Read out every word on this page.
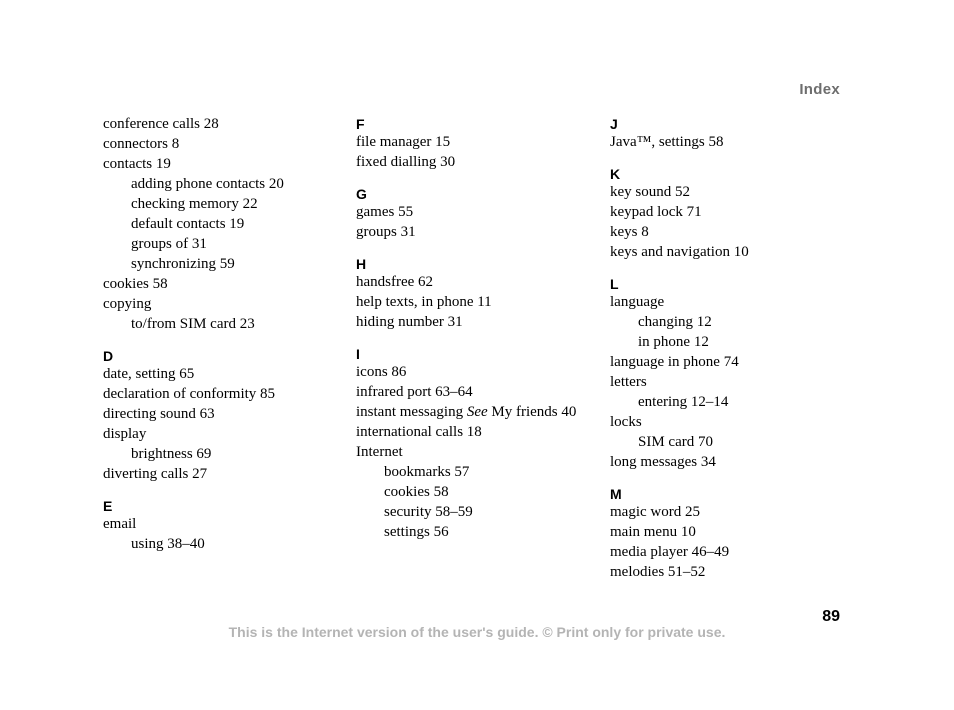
Index
conference calls 28
connectors 8
contacts 19
adding phone contacts 20
checking memory 22
default contacts 19
groups of 31
synchronizing 59
cookies 58
copying
to/from SIM card 23
D
date, setting 65
declaration of conformity 85
directing sound 63
display
brightness 69
diverting calls 27
E
email
using 38–40
F
file manager 15
fixed dialling 30
G
games 55
groups 31
H
handsfree 62
help texts, in phone 11
hiding number 31
I
icons 86
infrared port 63–64
instant messaging See My friends 40
international calls 18
Internet
bookmarks 57
cookies 58
security 58–59
settings 56
J
Java™, settings 58
K
key sound 52
keypad lock 71
keys 8
keys and navigation 10
L
language
changing 12
in phone 12
language in phone 74
letters
entering 12–14
locks
SIM card 70
long messages 34
M
magic word 25
main menu 10
media player 46–49
melodies 51–52
89
This is the Internet version of the user's guide. © Print only for private use.
